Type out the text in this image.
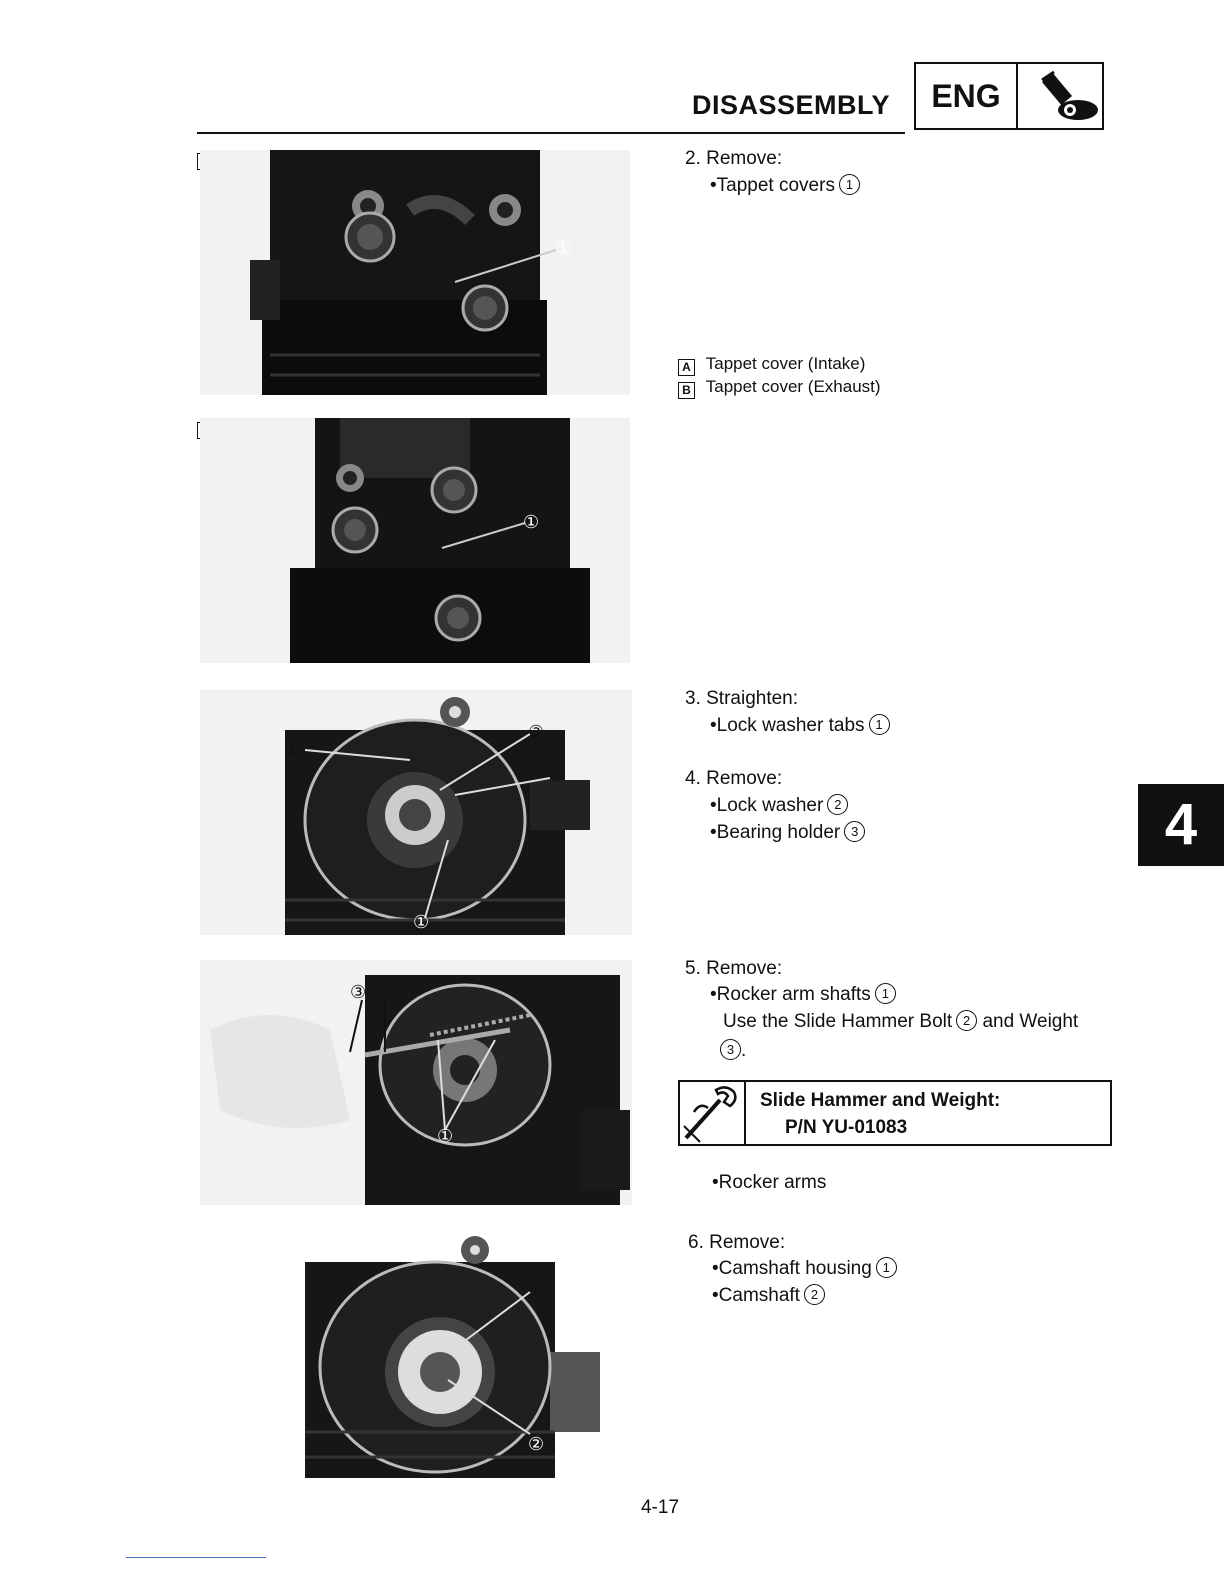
DISASSEMBLY	ENG
4
①
①
①
③
②
①
③ ②
①
①
②
2. Remove:
•Tappet covers 1
A Tappet cover (Intake)
B Tappet cover (Exhaust)
3. Straighten:
•Lock washer tabs 1
4. Remove:
•Lock washer 2
•Bearing holder 3
5. Remove:
•Rocker arm shafts 1
Use the Slide Hammer Bolt 2 and Weight
3 .
Slide Hammer and Weight:
P/N YU-01083
•Rocker arms
6. Remove:
•Camshaft housing 1
•Camshaft 2
4-17
